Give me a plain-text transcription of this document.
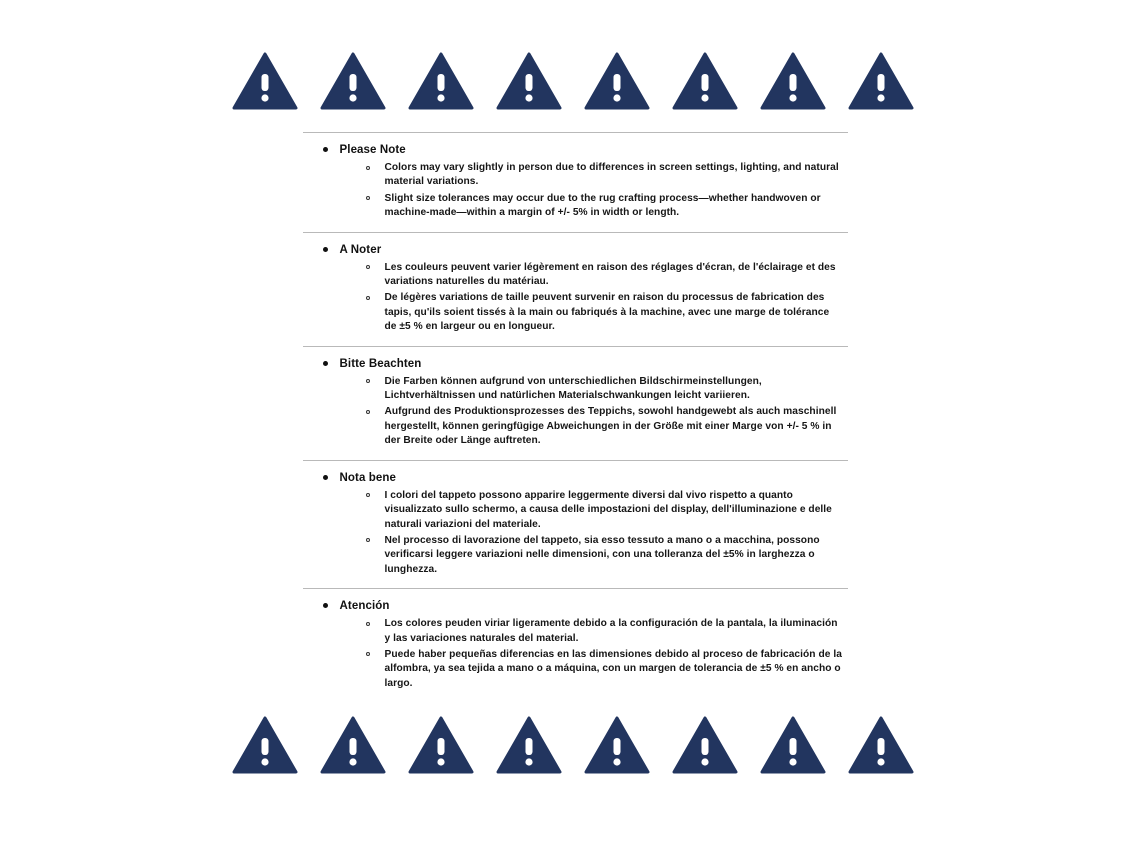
Please Note
Colors may vary slightly in person due to differences in screen settings, lighting, and natural material variations.
Slight size tolerances may occur due to the rug crafting process—whether handwoven or machine-made—within a margin of +/- 5% in width or length.
A Noter
Les couleurs peuvent varier légèrement en raison des réglages d'écran, de l'éclairage et des variations naturelles du matériau.
De légères variations de taille peuvent survenir en raison du processus de fabrication des tapis, qu'ils soient tissés à la main ou fabriqués à la machine, avec une marge de tolérance de ±5 % en largeur ou en longueur.
Bitte Beachten
Die Farben können aufgrund von unterschiedlichen Bildschirmeinstellungen, Lichtverhältnissen und natürlichen Materialschwankungen leicht variieren.
Aufgrund des Produktionsprozesses des Teppichs, sowohl handgewebt als auch maschinell hergestellt, können geringfügige Abweichungen in der Größe mit einer Marge von +/- 5 % in der Breite oder Länge auftreten.
Nota bene
I colori del tappeto possono apparire leggermente diversi dal vivo rispetto a quanto visualizzato sullo schermo, a causa delle impostazioni del display, dell'illuminazione e delle naturali variazioni del materiale.
Nel processo di lavorazione del tappeto, sia esso tessuto a mano o a macchina, possono verificarsi leggere variazioni nelle dimensioni, con una tolleranza del ±5% in larghezza o lunghezza.
Atención
Los colores peuden viriar ligeramente debido a la configuración de la pantala, la iluminación y las variaciones naturales del material.
Puede haber pequeñas diferencias en las dimensiones debido al proceso de fabricación de la alfombra, ya sea tejida a mano o a máquina, con un margen de tolerancia de ±5 % en ancho o largo.
